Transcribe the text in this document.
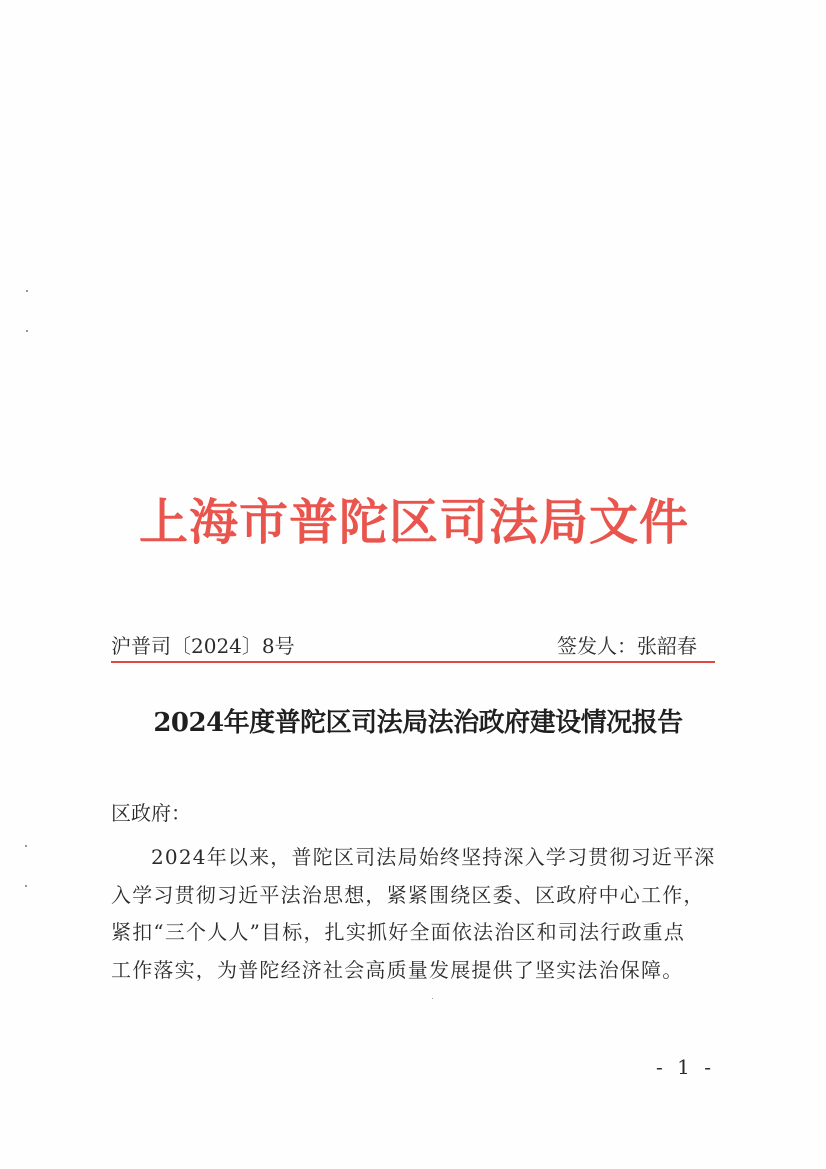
上海市普陀区司法局文件
沪普司〔2024〕8号	签发人：张韶春
2024年度普陀区司法局法治政府建设情况报告
区政府：
2024年以来，普陀区司法局始终坚持深入学习贯彻习近平深
入学习贯彻习近平法治思想，紧紧围绕区委、区政府中心工作，
紧扣“三个人人”目标，扎实抓好全面依法治区和司法行政重点
工作落实，为普陀经济社会高质量发展提供了坚实法治保障。
- 1 -
